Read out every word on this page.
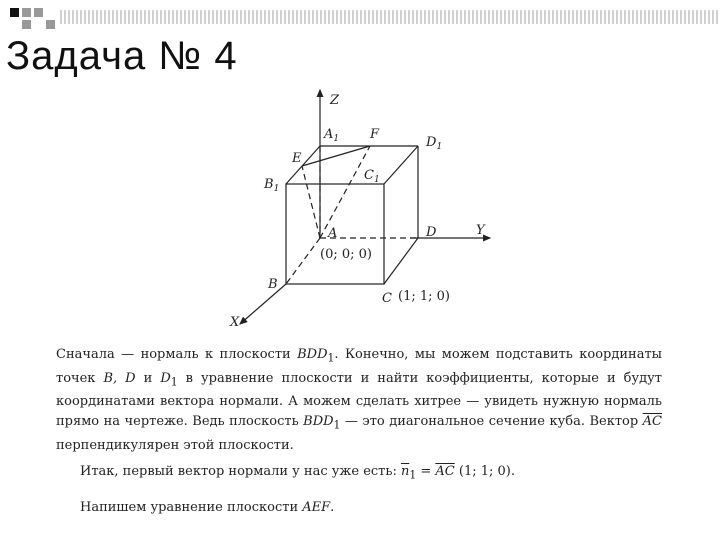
Задача № 4
Z
Y
X
$A_1$ F
$D_1$
E
$B_1$
$C_1$
A
(0; 0; 0)
D
B
C (1; 1; 0)

Сначала — нормаль к плоскости $BDD_1$. Конечно, мы можем подставить координаты точек B, D и $D_1$ в уравнение плоскости и найти коэффициенты, которые и будут координатами вектора нормали. А можем сделать хитрее — увидеть нужную нормаль прямо на чертеже. Ведь плоскость $BDD_1$ — это диагональное сечение куба. Вектор $\overline{AC}$ перпендикулярен этой плоскости.

Итак, первый вектор нормали у нас уже есть: $\overline{n}_1 = \overline{AC}$ (1; 1; 0).

Напишем уравнение плоскости AEF.
